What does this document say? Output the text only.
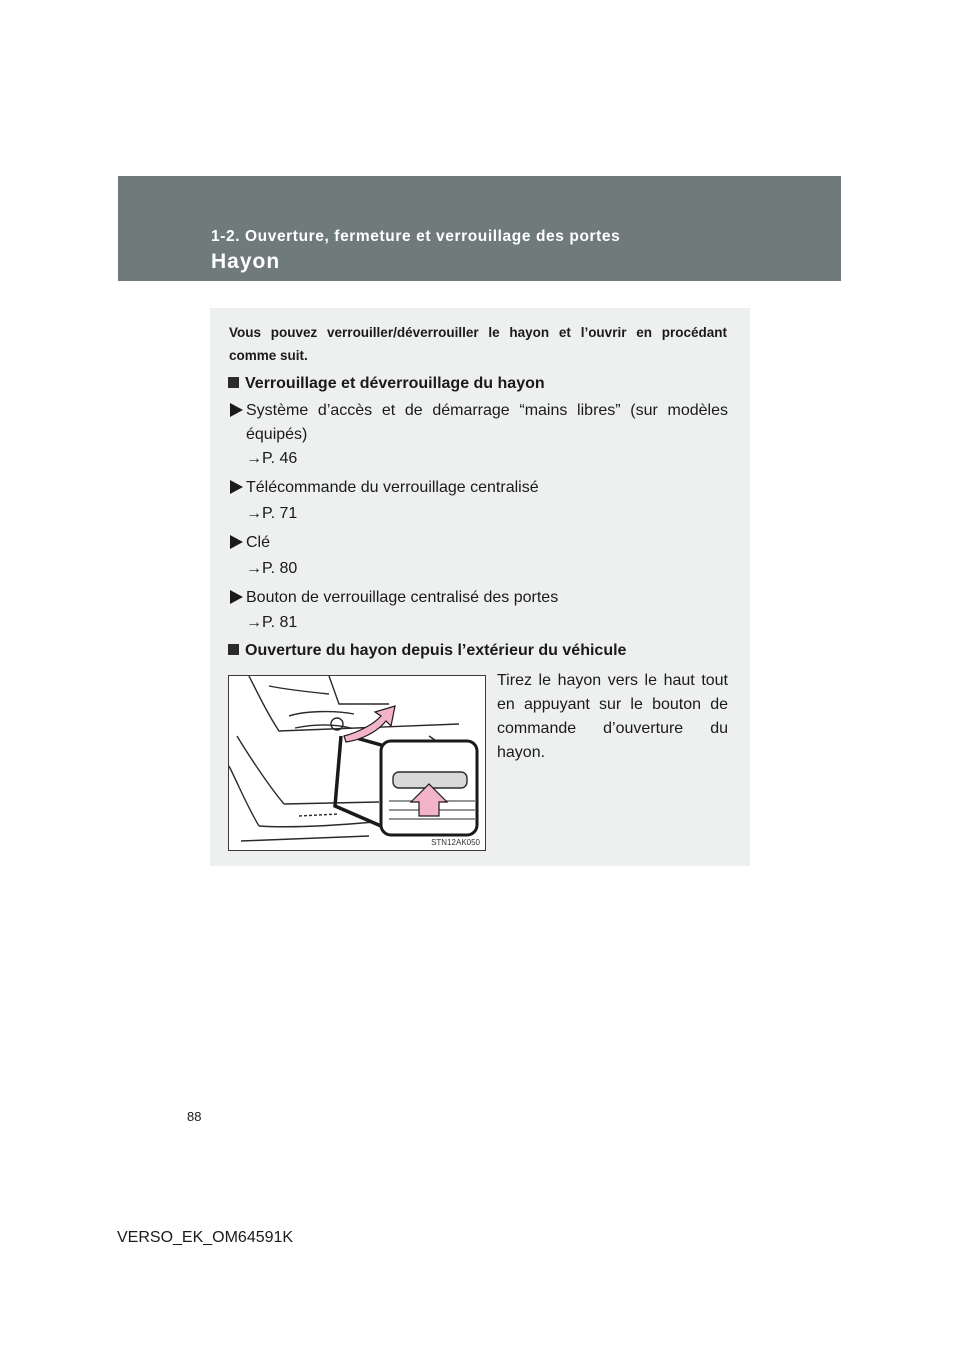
1-2. Ouverture, fermeture et verrouillage des portes
Hayon
Vous pouvez verrouiller/déverrouiller le hayon et l’ouvrir en procédant comme suit.
Verrouillage et déverrouillage du hayon
Système d’accès et de démarrage “mains libres” (sur modèles équipés)
→P. 46
Télécommande du verrouillage centralisé
→P. 71
Clé
→P. 80
Bouton de verrouillage centralisé des portes
→P. 81
Ouverture du hayon depuis l’extérieur du véhicule
STN12AK050
Tirez le hayon vers le haut tout en appuyant sur le bouton de commande d’ouverture du hayon.
88
VERSO_EK_OM64591K
